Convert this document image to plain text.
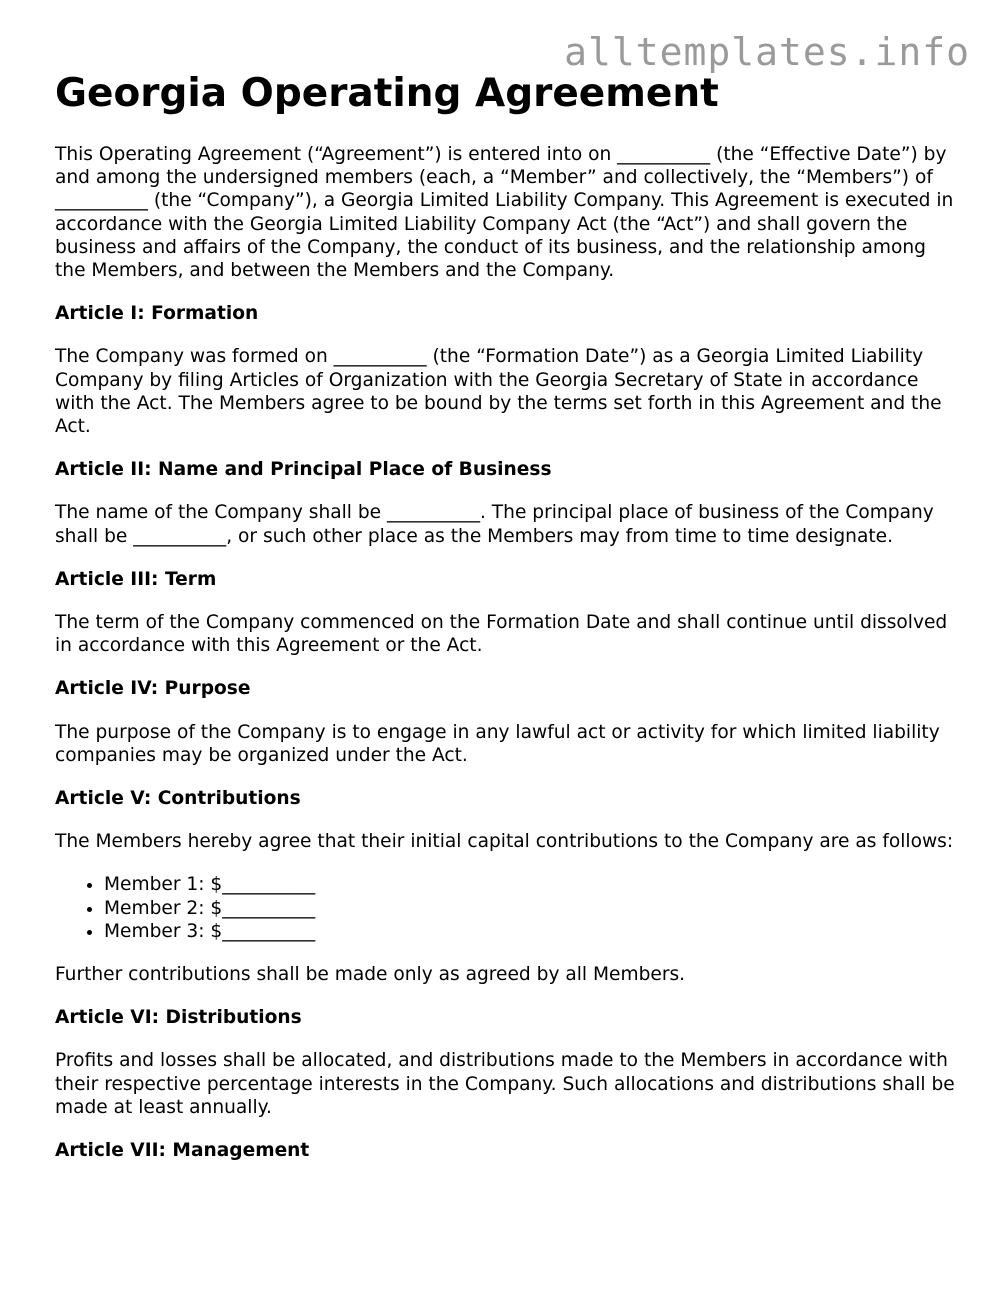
alltemplates.info
Georgia Operating Agreement

This Operating Agreement (“Agreement”) is entered into on __________ (the “Effective Date”) by and among the undersigned members (each, a “Member” and collectively, the “Members”) of __________ (the “Company”), a Georgia Limited Liability Company. This Agreement is executed in accordance with the Georgia Limited Liability Company Act (the “Act”) and shall govern the business and affairs of the Company, the conduct of its business, and the relationship among the Members, and between the Members and the Company.

Article I: Formation

The Company was formed on __________ (the “Formation Date”) as a Georgia Limited Liability Company by filing Articles of Organization with the Georgia Secretary of State in accordance with the Act. The Members agree to be bound by the terms set forth in this Agreement and the Act.

Article II: Name and Principal Place of Business

The name of the Company shall be __________. The principal place of business of the Company shall be __________, or such other place as the Members may from time to time designate.

Article III: Term

The term of the Company commenced on the Formation Date and shall continue until dissolved in accordance with this Agreement or the Act.

Article IV: Purpose

The purpose of the Company is to engage in any lawful act or activity for which limited liability companies may be organized under the Act.

Article V: Contributions

The Members hereby agree that their initial capital contributions to the Company are as follows:

• Member 1: $__________
• Member 2: $__________
• Member 3: $__________

Further contributions shall be made only as agreed by all Members.

Article VI: Distributions

Profits and losses shall be allocated, and distributions made to the Members in accordance with their respective percentage interests in the Company. Such allocations and distributions shall be made at least annually.

Article VII: Management
